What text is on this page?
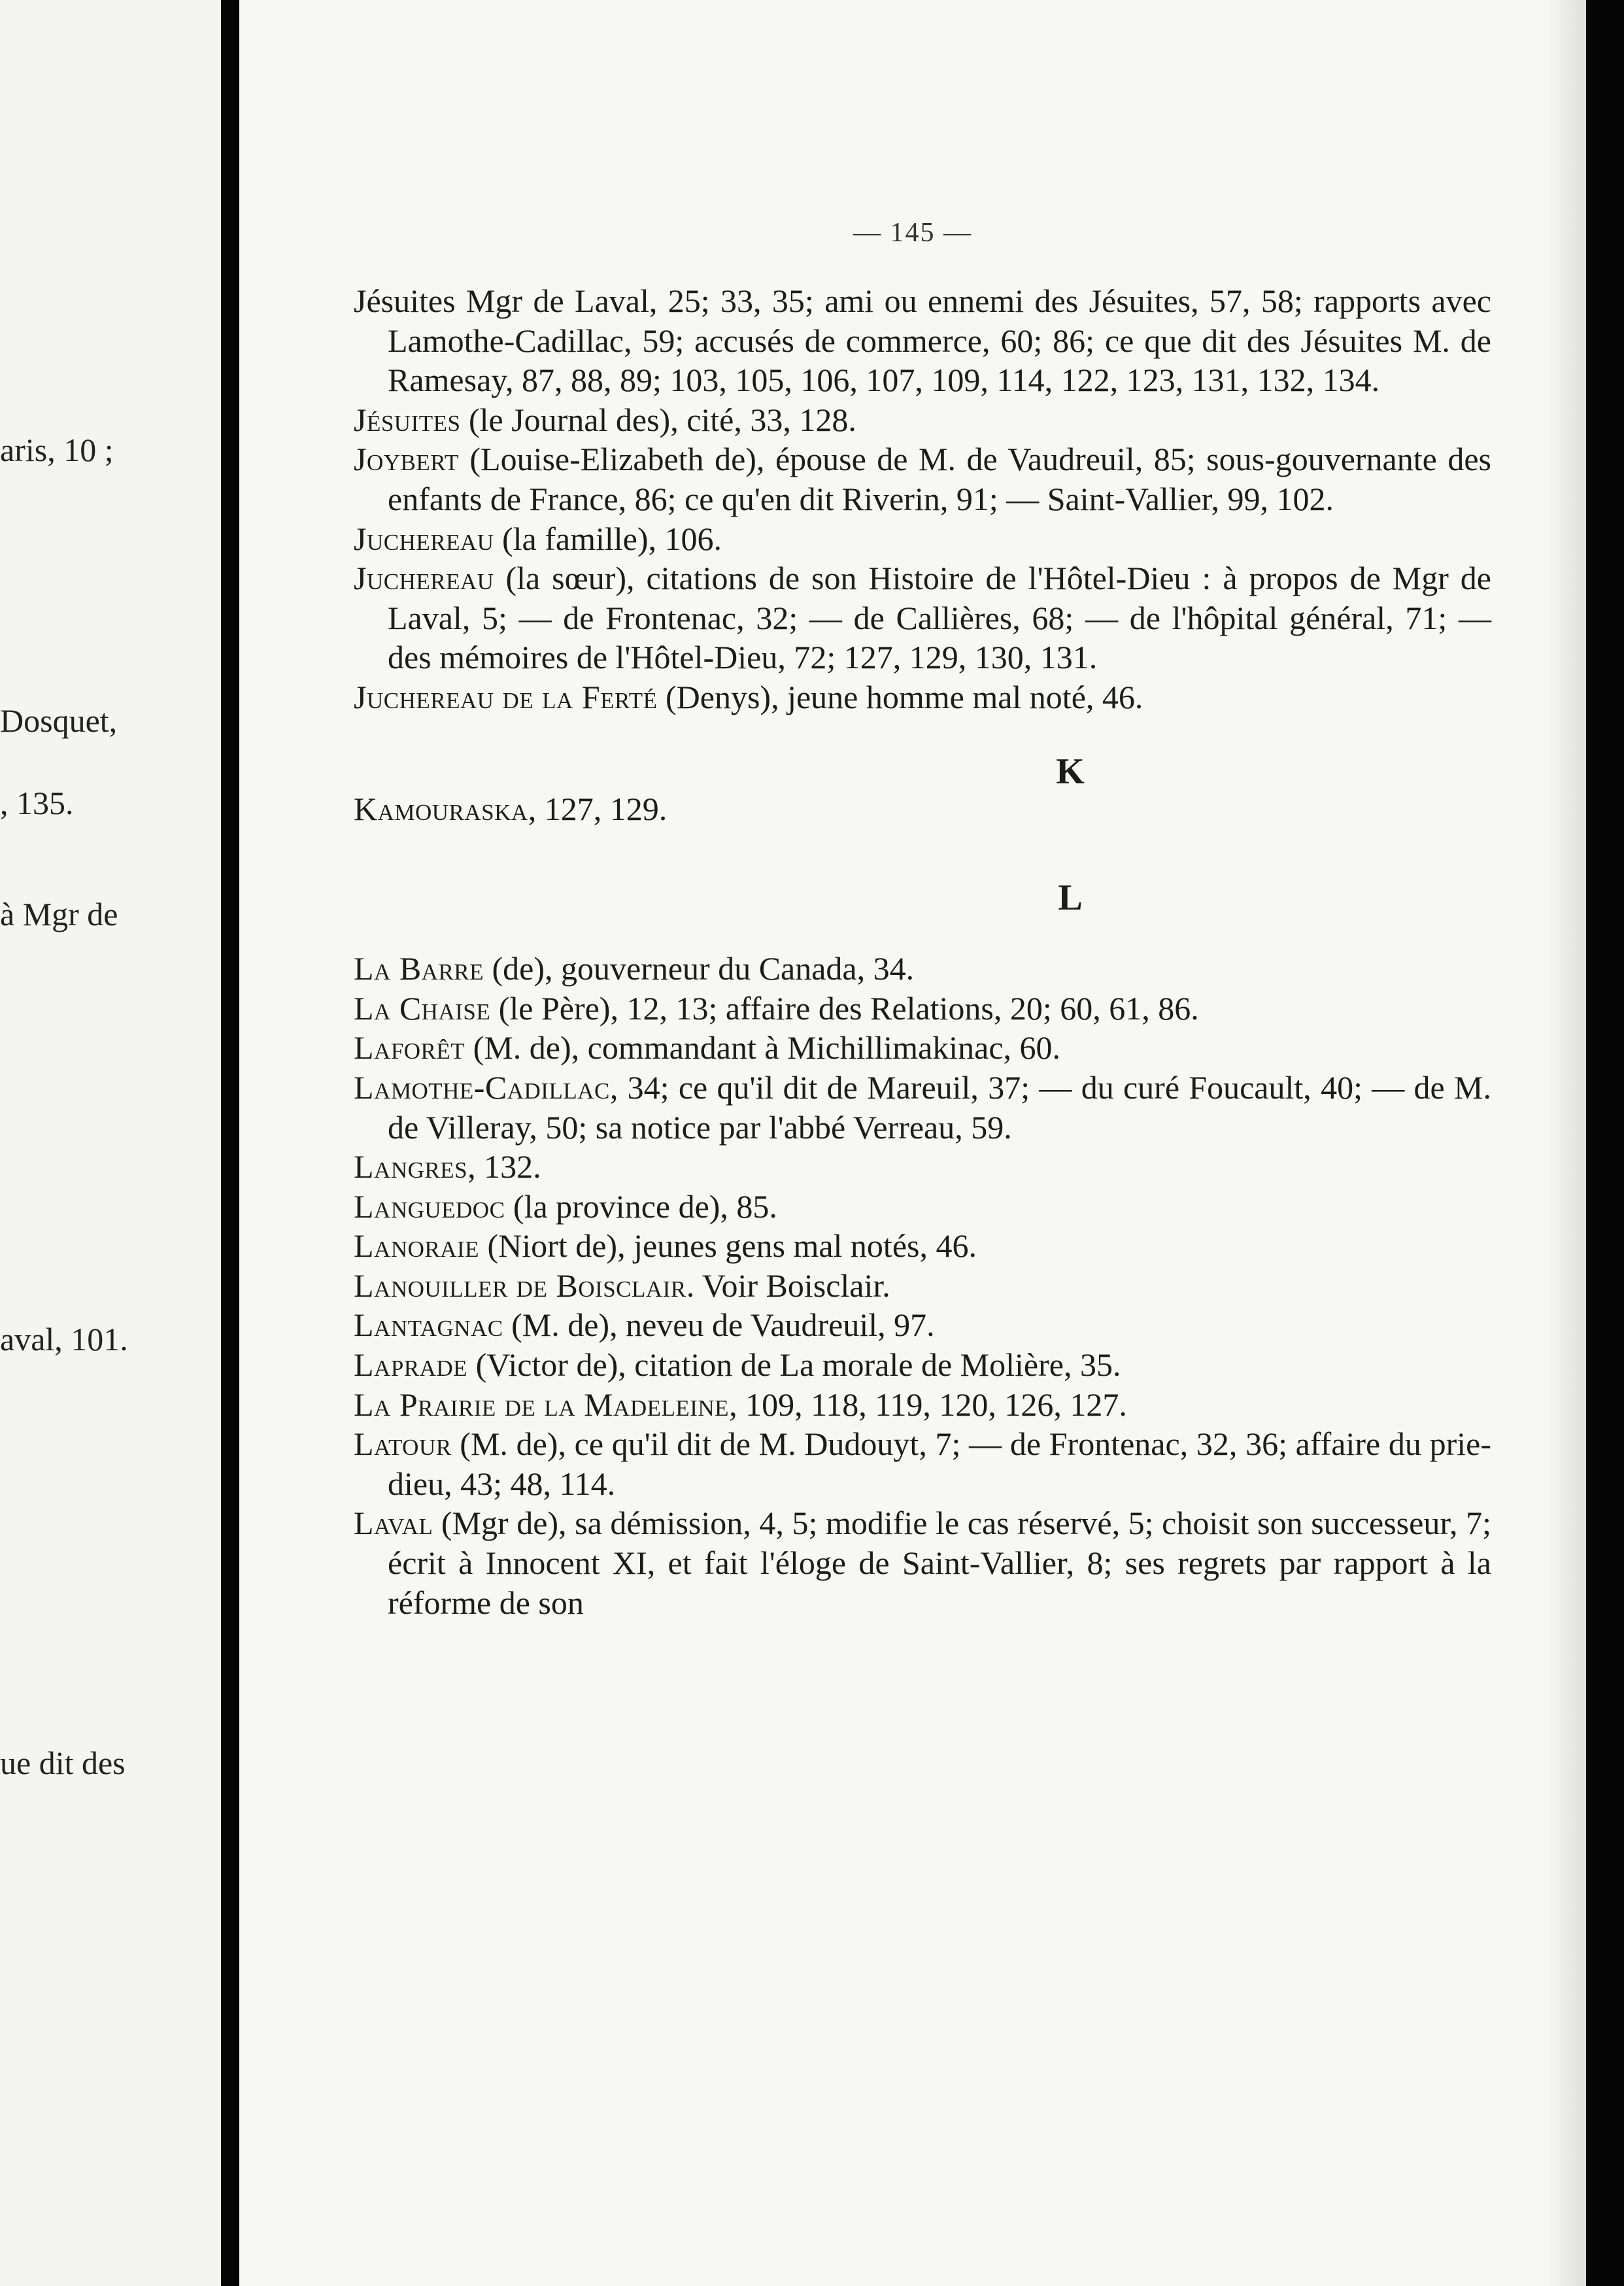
aris, 10 ;
Dosquet,
, 135.
à Mgr de
aval, 101.
ue dit des
— 145 —

Jésuites Mgr de Laval, 25; 33, 35; ami ou ennemi des Jésuites, 57, 58; rapports avec Lamothe-Cadillac, 59; accusés de commerce, 60; 86; ce que dit des Jésuites M. de Ramesay, 87, 88, 89; 103, 105, 106, 107, 109, 114, 122, 123, 131, 132, 134.

Jésuites (le Journal des), cité, 33, 128.

Joybert (Louise-Elizabeth de), épouse de M. de Vaudreuil, 85; sous-gouvernante des enfants de France, 86; ce qu'en dit Riverin, 91; — Saint-Vallier, 99, 102.

Juchereau (la famille), 106.

Juchereau (la sœur), citations de son Histoire de l'Hôtel-Dieu : à propos de Mgr de Laval, 5; — de Frontenac, 32; — de Callières, 68; — de l'hôpital général, 71; — des mémoires de l'Hôtel-Dieu, 72; 127, 129, 130, 131.

Juchereau de la Ferté (Denys), jeune homme mal noté, 46.

K

Kamouraska, 127, 129.

L

La Barre (de), gouverneur du Canada, 34.

La Chaise (le Père), 12, 13; affaire des Relations, 20; 60, 61, 86.

Laforêt (M. de), commandant à Michillimakinac, 60.

Lamothe-Cadillac, 34; ce qu'il dit de Mareuil, 37; — du curé Foucault, 40; — de M. de Villeray, 50; sa notice par l'abbé Verreau, 59.

Langres, 132.

Languedoc (la province de), 85.

Lanoraie (Niort de), jeunes gens mal notés, 46.

Lanouiller de Boisclair. Voir Boisclair.

Lantagnac (M. de), neveu de Vaudreuil, 97.

Laprade (Victor de), citation de La morale de Molière, 35.

La Prairie de la Madeleine, 109, 118, 119, 120, 126, 127.

Latour (M. de), ce qu'il dit de M. Dudouyt, 7; — de Frontenac, 32, 36; affaire du prie-dieu, 43; 48, 114.

Laval (Mgr de), sa démission, 4, 5; modifie le cas réservé, 5; choisit son successeur, 7; écrit à Innocent XI, et fait l'éloge de Saint-Vallier, 8; ses regrets par rapport à la réforme de son
